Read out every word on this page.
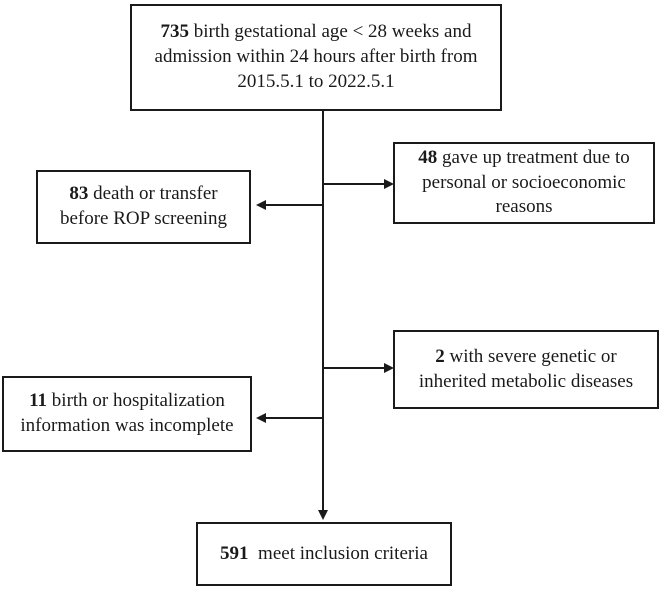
735 birth gestational age < 28 weeks and
admission within 24 hours after birth from
2015.5.1 to 2022.5.1
48 gave up treatment due to
personal or socioeconomic
reasons
83 death or transfer
before ROP screening
2 with severe genetic or
inherited metabolic diseases
11 birth or hospitalization
information was incomplete
591 meet inclusion criteria
